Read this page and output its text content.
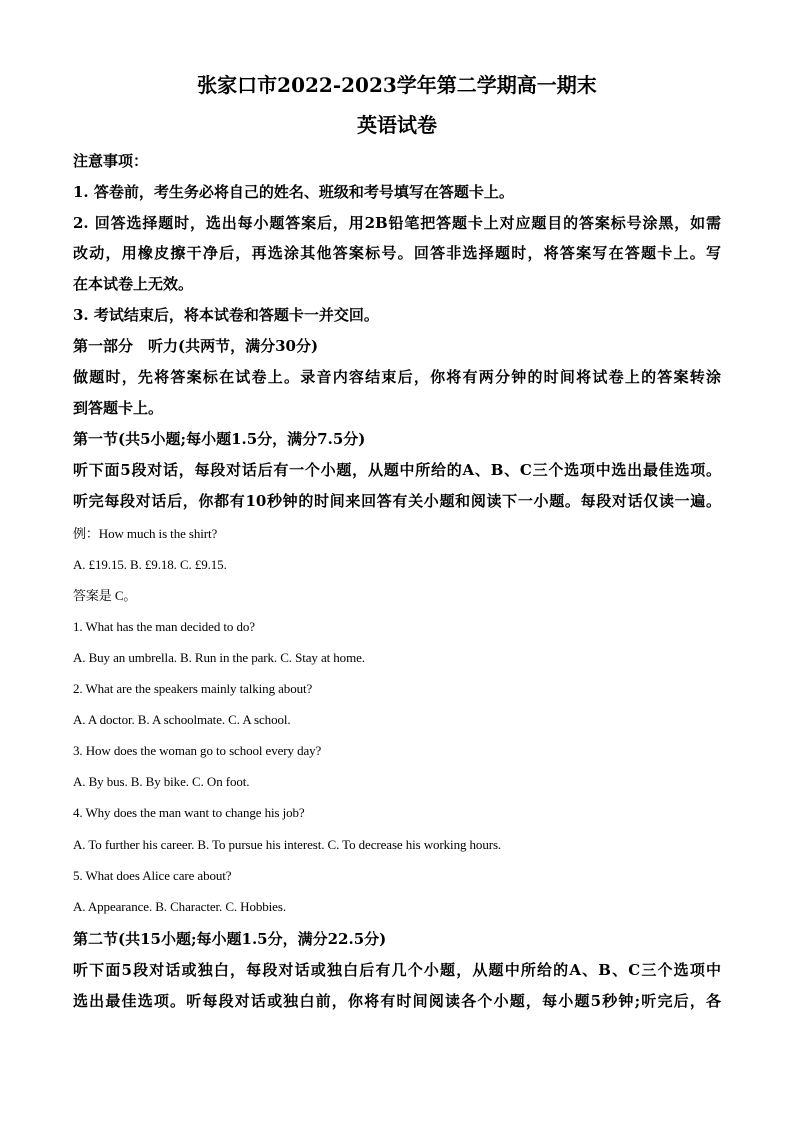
张家口市2022-2023学年第二学期高一期末
英语试卷
注意事项：
1. 答卷前，考生务必将自己的姓名、班级和考号填写在答题卡上。
2. 回答选择题时，选出每小题答案后，用2B铅笔把答题卡上对应题目的答案标号涂黑，如需
改动，用橡皮擦干净后，再选涂其他答案标号。回答非选择题时，将答案写在答题卡上。写
在本试卷上无效。
3. 考试结束后，将本试卷和答题卡一并交回。
第一部分　听力(共两节，满分30分)
做题时，先将答案标在试卷上。录音内容结束后，你将有两分钟的时间将试卷上的答案转涂
到答题卡上。
第一节(共5小题;每小题1.5分，满分7.5分)
听下面5段对话，每段对话后有一个小题，从题中所给的A、B、C三个选项中选出最佳选项。
听完每段对话后，你都有10秒钟的时间来回答有关小题和阅读下一小题。每段对话仅读一遍。
例：How much is the shirt?
A. £19.15. B. £9.18. C. £9.15.
答案是 C。
1. What has the man decided to do?
A. Buy an umbrella. B. Run in the park. C. Stay at home.
2. What are the speakers mainly talking about?
A. A doctor. B. A schoolmate. C. A school.
3. How does the woman go to school every day?
A. By bus. B. By bike. C. On foot.
4. Why does the man want to change his job?
A. To further his career. B. To pursue his interest. C. To decrease his working hours.
5. What does Alice care about?
A. Appearance. B. Character. C. Hobbies.
第二节(共15小题;每小题1.5分，满分22.5分)
听下面5段对话或独白，每段对话或独白后有几个小题，从题中所给的A、B、C三个选项中
选出最佳选项。听每段对话或独白前，你将有时间阅读各个小题，每小题5秒钟;听完后，各
